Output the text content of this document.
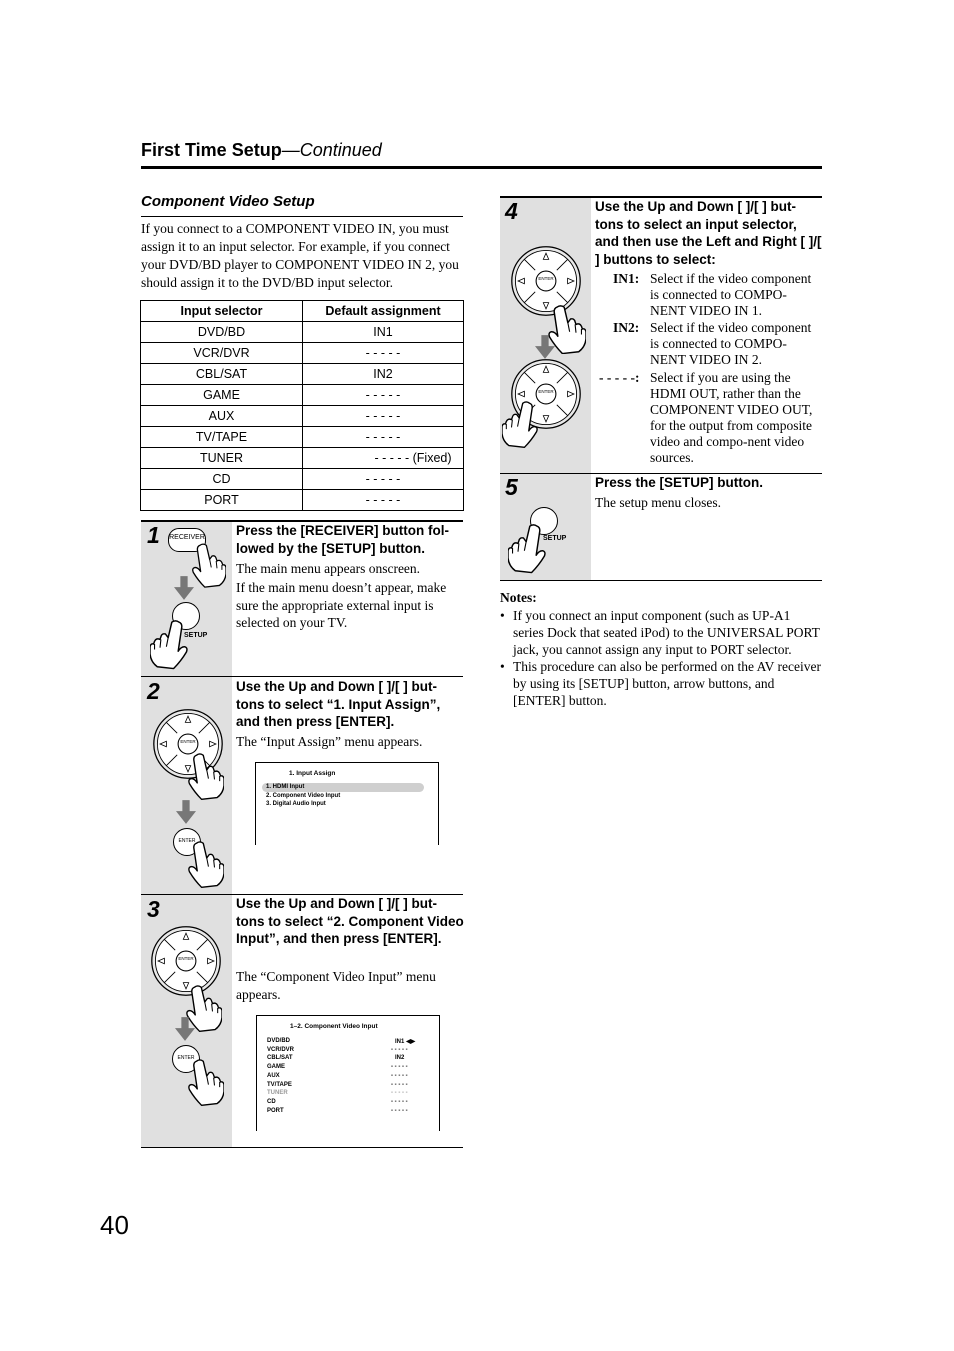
First Time Setup—Continued
Component Video Setup
If you connect to a COMPONENT VIDEO IN, you must assign it to an input selector. For example, if you connect your DVD/BD player to COMPONENT VIDEO IN 2, you should assign it to the DVD/BD input selector.
Input selector	Default assignment
DVD/BD	IN1
VCR/DVR	- - - - -
CBL/SAT	IN2
GAME	- - - - -
AUX	- - - - -
TV/TAPE	- - - - -
TUNER	- - - - - (Fixed)
CD	- - - - -
PORT	- - - - -
1 RECEIVER
SETUP
Press the [RECEIVER] button fol-lowed by the [SETUP] button.
The main menu appears onscreen.
If the main menu doesn’t appear, make sure the appropriate external input is selected on your TV.
2
ENTER
ENTER
Use the Up and Down [ ]/[ ] but-tons to select “1. Input Assign”, and then press [ENTER].
The “Input Assign” menu appears.
1. Input Assign
1. HDMI Input
2. Component Video Input
3. Digital Audio Input
3
ENTER
ENTER
Use the Up and Down [ ]/[ ] but-tons to select “2. Component Video Input”, and then press [ENTER].
The “Component Video Input” menu appears.
1–2. Component Video Input
DVD/BD	IN1 ◀▶
VCR/DVR	- - - - -
CBL/SAT	IN2
GAME	- - - - -
AUX	- - - - -
TV/TAPE	- - - - -
TUNER	- - - - -
CD	- - - - -
PORT	- - - - -
4
ENTER
ENTER
Use the Up and Down [ ]/[ ] but-tons to select an input selector, and then use the Left and Right [ ]/[ ] buttons to select:
IN1: Select if the video component is connected to COMPO-NENT VIDEO IN 1.
IN2: Select if the video component is connected to COMPO-NENT VIDEO IN 2.
- - - - -: Select if you are using the HDMI OUT, rather than the COMPONENT VIDEO OUT, for the output from composite video and compo-nent video sources.
5
SETUP
Press the [SETUP] button.
The setup menu closes.
Notes:
• If you connect an input component (such as UP-A1 series Dock that seated iPod) to the UNIVERSAL PORT jack, you cannot assign any input to PORT selector.
• This procedure can also be performed on the AV receiver by using its [SETUP] button, arrow buttons, and [ENTER] button.
40
